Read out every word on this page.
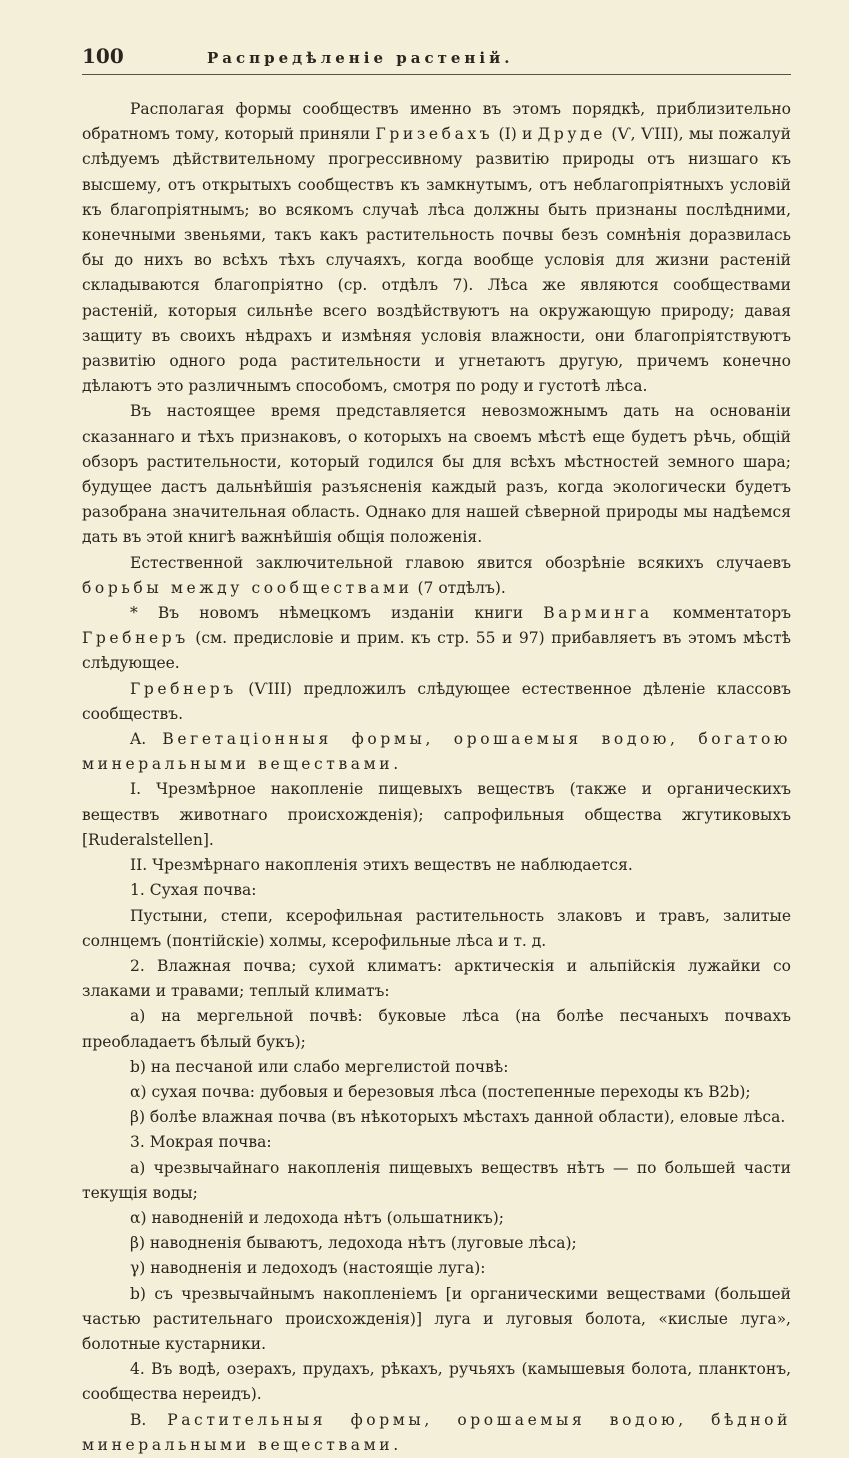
100	Распредѣленіе растеній.

Располагая формы сообществъ именно въ этомъ порядкѣ, приблизительно обратномъ тому, который приняли Гризебахъ (I) и Друде (Ѵ, ѴIII), мы пожалуй слѣдуемъ дѣйствительному прогрессивному развитію природы отъ низшаго къ высшему, отъ открытыхъ сообществъ къ замкнутымъ, отъ неблагопріятныхъ условій къ благопріятнымъ; во всякомъ случаѣ лѣса должны быть признаны послѣдними, конечными звеньями, такъ какъ растительность почвы безъ сомнѣнія доразвилась бы до нихъ во всѣхъ тѣхъ случаяхъ, когда вообще условія для жизни растеній складываются благопріятно (ср. отдѣлъ 7). Лѣса же являются сообществами растеній, которыя сильнѣе всего воздѣйствуютъ на окружающую природу; давая защиту въ своихъ нѣдрахъ и измѣняя условія влажности, они благопріятствуютъ развитію одного рода растительности и угнетаютъ другую, причемъ конечно дѣлаютъ это различнымъ способомъ, смотря по роду и густотѣ лѣса.

Въ настоящее время представляется невозможнымъ дать на основаніи сказаннаго и тѣхъ признаковъ, о которыхъ на своемъ мѣстѣ еще будетъ рѣчь, общій обзоръ растительности, который годился бы для всѣхъ мѣстностей земного шара; будущее дастъ дальнѣйшія разъясненія каждый разъ, когда экологически будетъ разобрана значительная область. Однако для нашей сѣверной природы мы надѣемся дать въ этой книгѣ важнѣйшія общія положенія.

Естественной заключительной главою явится обозрѣніе всякихъ случаевъ борьбы между сообществами (7 отдѣлъ).

* Въ новомъ нѣмецкомъ изданіи книги Варминга комментаторъ Гребнеръ (см. предисловіе и прим. къ стр. 55 и 97) прибавляетъ въ этомъ мѣстѣ слѣдующее.

Гребнеръ (ѴIII) предложилъ слѣдующее естественное дѣленіе классовъ сообществъ.

A. Вегетаціонныя формы, орошаемыя водою, богатою минеральными веществами.

I. Чрезмѣрное накопленіе пищевыхъ веществъ (также и органическихъ веществъ животнаго происхожденія); сапрофильныя общества жгутиковыхъ [Ruderalstellen].

II. Чрезмѣрнаго накопленія этихъ веществъ не наблюдается.

1. Сухая почва:

Пустыни, степи, ксерофильная растительность злаковъ и травъ, залитые солнцемъ (понтійскіе) холмы, ксерофильные лѣса и т. д.

2. Влажная почва; сухой климатъ: арктическія и альпійскія лужайки со злаками и травами; теплый климатъ:

a) на мергельной почвѣ: буковые лѣса (на болѣе песчаныхъ почвахъ преобладаетъ бѣлый букъ);

b) на песчаной или слабо мергелистой почвѣ:

α) сухая почва: дубовыя и березовыя лѣса (постепенные переходы къ B2b);

β) болѣе влажная почва (въ нѣкоторыхъ мѣстахъ данной области), еловые лѣса.

3. Мокрая почва:

a) чрезвычайнаго накопленія пищевыхъ веществъ нѣтъ — по большей части текущія воды;

α) наводненій и ледохода нѣтъ (ольшатникъ);

β) наводненія бываютъ, ледохода нѣтъ (луговые лѣса);

γ) наводненія и ледоходъ (настоящіе луга):

b) съ чрезвычайнымъ накопленіемъ [и органическими веществами (большей частью растительнаго происхожденія)] луга и луговыя болота, «кислые луга», болотные кустарники.

4. Въ водѣ, озерахъ, прудахъ, рѣкахъ, ручьяхъ (камышевыя болота, планктонъ, сообщества нереидъ).

B. Растительныя формы, орошаемыя водою, бѣдной минеральными веществами.
